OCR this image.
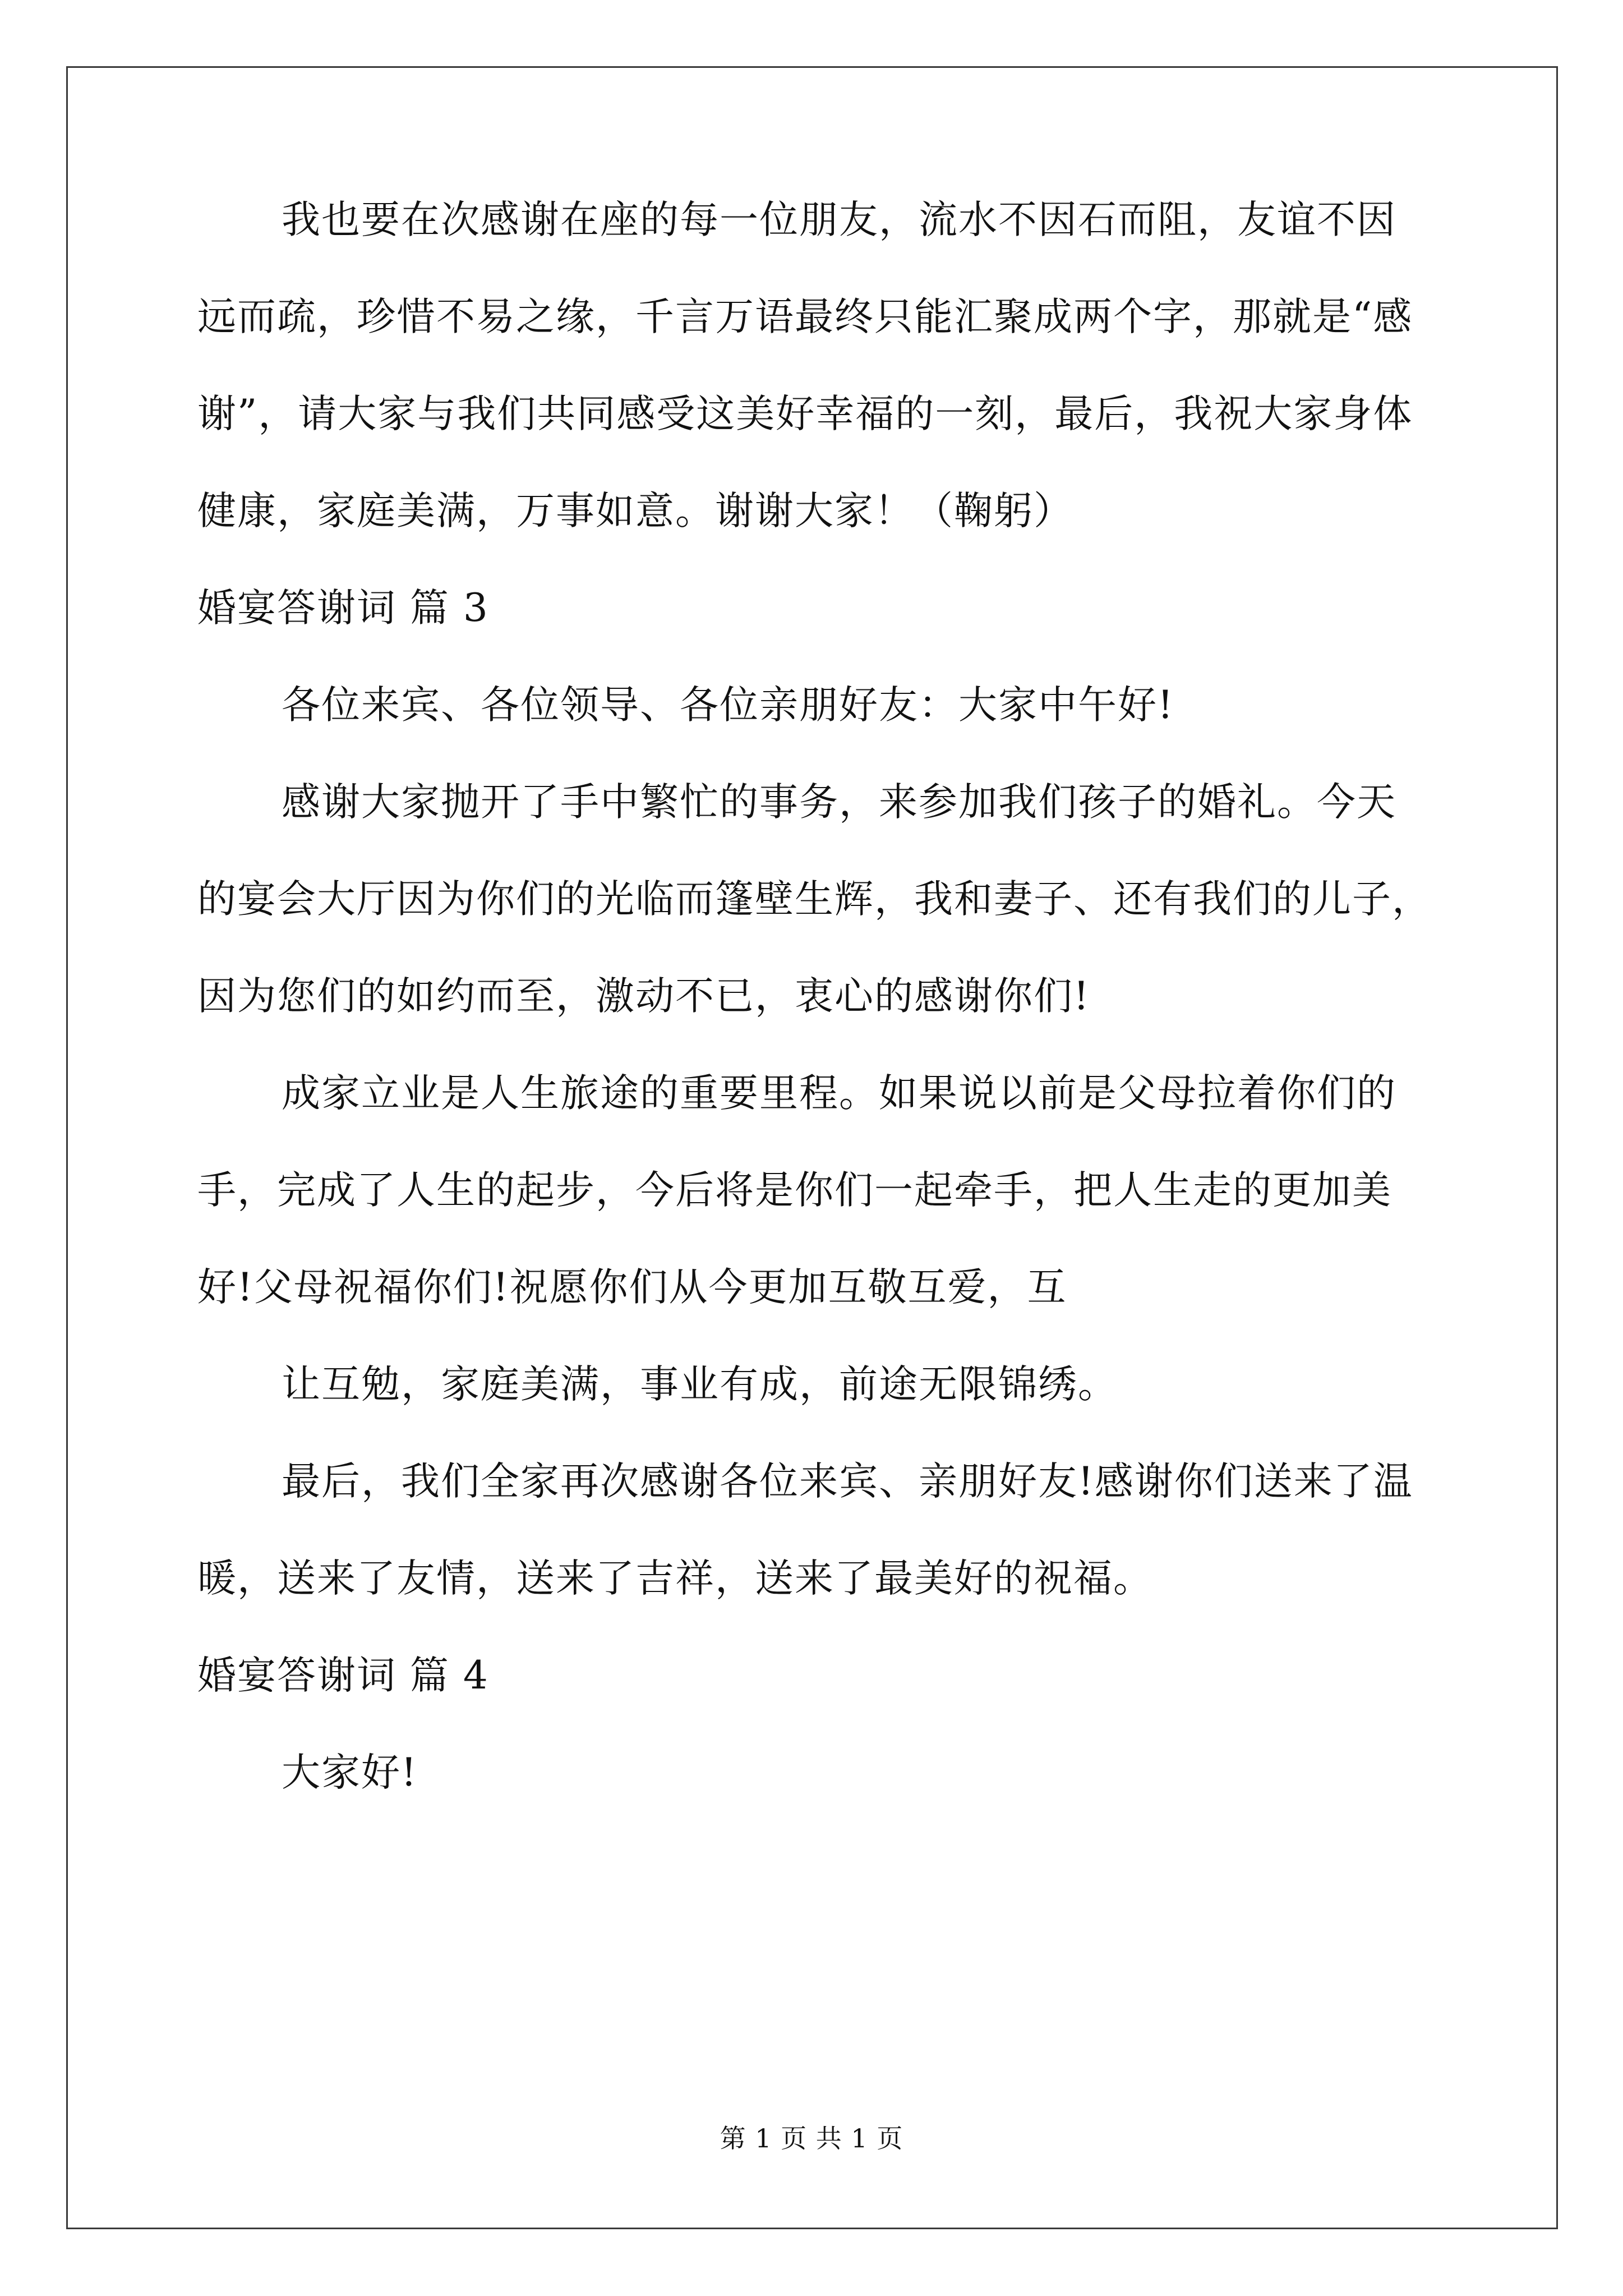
我也要在次感谢在座的每一位朋友，流水不因石而阻，友谊不因
远而疏，珍惜不易之缘，千言万语最终只能汇聚成两个字，那就是“感
谢”，请大家与我们共同感受这美好幸福的一刻，最后，我祝大家身体
健康，家庭美满，万事如意。谢谢大家！（鞠躬）
婚宴答谢词 篇 3
各位来宾、各位领导、各位亲朋好友：大家中午好!
感谢大家抛开了手中繁忙的事务，来参加我们孩子的婚礼。今天
的宴会大厅因为你们的光临而篷壁生辉，我和妻子、还有我们的儿子，
因为您们的如约而至，激动不已，衷心的感谢你们!
成家立业是人生旅途的重要里程。如果说以前是父母拉着你们的
手，完成了人生的起步，今后将是你们一起牵手，把人生走的更加美
好!父母祝福你们!祝愿你们从今更加互敬互爱，互
让互勉，家庭美满，事业有成，前途无限锦绣。
最后，我们全家再次感谢各位来宾、亲朋好友!感谢你们送来了温
暖，送来了友情，送来了吉祥，送来了最美好的祝福。
婚宴答谢词 篇 4
大家好!
第 1 页 共 1 页
